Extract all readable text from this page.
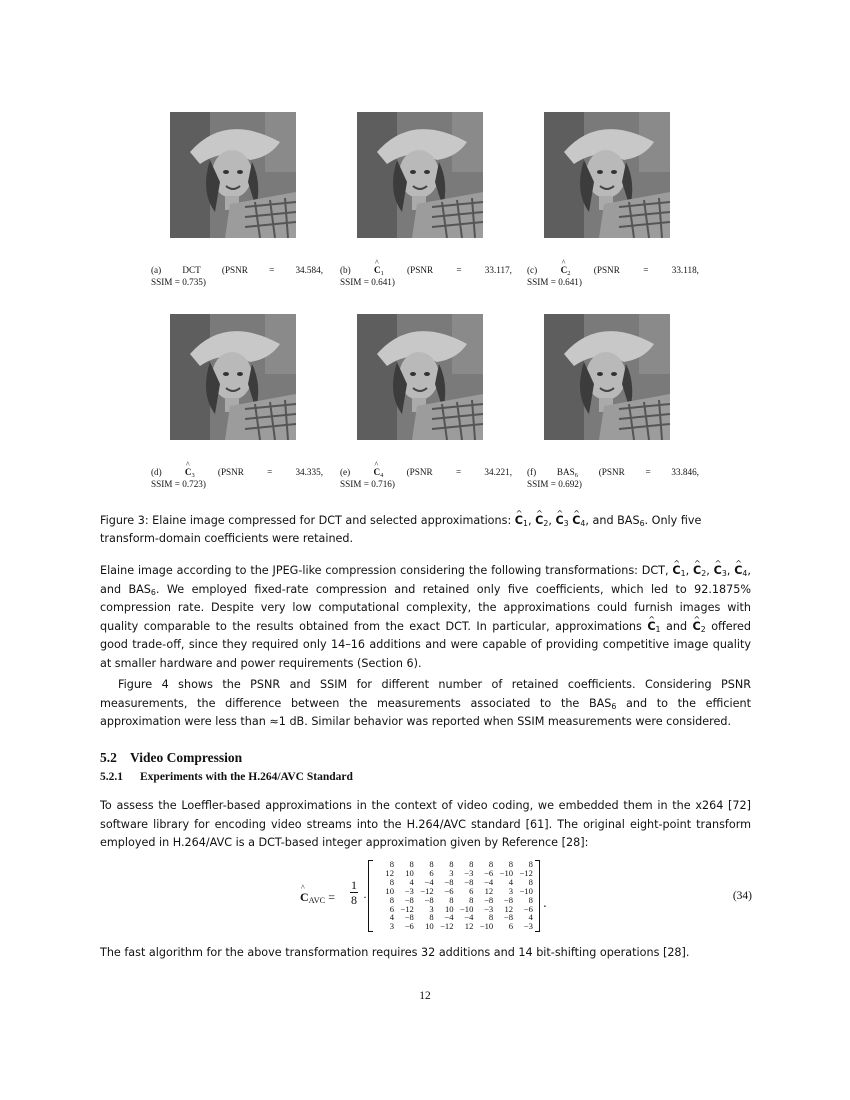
(a) DCT (PSNR = 34.584,
SSIM = 0.735)
(b)	^ $C_1$	(PSNR	=	33.117,
SSIM = 0.641)
(c)	^ $C_2$	(PSNR	=	33.118,
SSIM = 0.641)
(d)	^ $C_3$	(PSNR	=	34.335,
SSIM = 0.723)
(e)	^ $C_4$	(PSNR	=	34.221,
SSIM = 0.716)
(f) $BAS_6$ (PSNR = 33.846,
SSIM = 0.692)
Figure 3: Elaine image compressed for DCT and selected approximations: ^ $C_1$, ^ $C_2$, ^ $C_3$ ^ $C_4$, and $BAS_6$. Only five transform-domain coefficients were retained.
Elaine image according to the JPEG-like compression considering the following transformations: DCT, ^ $C_1$, ^ $C_2$, ^ $C_3$, ^ $C_4$, and $BAS_6$. We employed fixed-rate compression and retained only five coefficients, which led to 92.1875% compression rate. Despite very low computational complexity, the approximations could furnish images with quality comparable to the results obtained from the exact DCT. In particular, approximations ^ $C_1$ and ^ $C_2$ offered good trade-off, since they required only 14–16 additions and were capable of providing competitive image quality at smaller hardware and power requirements (Section 6).
Figure 4 shows the PSNR and SSIM for different number of retained coefficients. Considering PSNR measurements, the difference between the measurements associated to the $BAS_6$ and to the efficient approximation were less than ≈1 dB. Similar behavior was reported when SSIM measurements were considered.
5.2 Video Compression
5.2.1 Experiments with the H.264/AVC Standard
To assess the Loeffler-based approximations in the context of video coding, we embedded them in the x264 [72] software library for encoding video streams into the H.264/AVC standard [61]. The original eight-point transform employed in H.264/AVC is a DCT-based integer approximation given by Reference [28]:
^ $C_{AVC} = \frac{1}{8}$ ·
8	8	8	8	8	8	8	8
12	10	6	3	−3	−6 −10 −12
8	4	−4	−8	−8	−4	4	8
10	−3 −12	−6	6	12	3 −10
8	−8	−8	8	8	−8	−8	8
6 −12	3	10 −10	−3	12	−6
4	−8	8	−4	−4	8	−8	4
3	−6	10 −12	12 −10	6	−3
.	(34)
The fast algorithm for the above transformation requires 32 additions and 14 bit-shifting operations [28].
12
